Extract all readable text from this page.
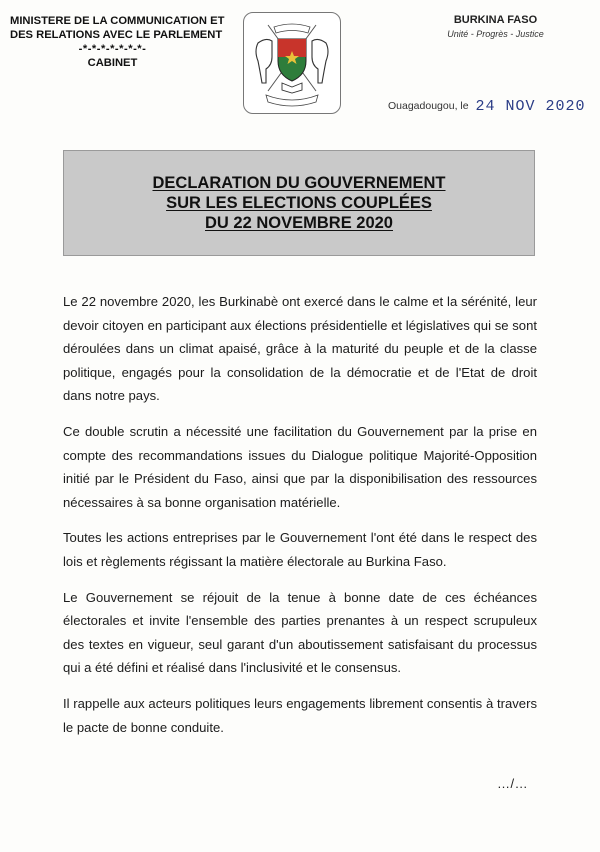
MINISTERE DE LA COMMUNICATION ET
DES RELATIONS AVEC LE PARLEMENT
-*-*-*-*-*-*-*-
CABINET
BURKINA FASO
Unité - Progrès - Justice
Ouagadougou, le 24 NOV 2020
DECLARATION DU GOUVERNEMENT
SUR LES ELECTIONS COUPLÉES
DU 22 NOVEMBRE 2020

Le 22 novembre 2020, les Burkinabè ont exercé dans le calme et la sérénité, leur devoir citoyen en participant aux élections présidentielle et législatives qui se sont déroulées dans un climat apaisé, grâce à la maturité du peuple et de la classe politique, engagés pour la consolidation de la démocratie et de l'Etat de droit dans notre pays.

Ce double scrutin a nécessité une facilitation du Gouvernement par la prise en compte des recommandations issues du Dialogue politique Majorité-Opposition initié par le Président du Faso, ainsi que par la disponibilisation des ressources nécessaires à sa bonne organisation matérielle.

Toutes les actions entreprises par le Gouvernement l'ont été dans le respect des lois et règlements régissant la matière électorale au Burkina Faso.

Le Gouvernement se réjouit de la tenue à bonne date de ces échéances électorales et invite l'ensemble des parties prenantes à un respect scrupuleux des textes en vigueur, seul garant d'un aboutissement satisfaisant du processus qui a été défini et réalisé dans l'inclusivité et le consensus.

Il rappelle aux acteurs politiques leurs engagements librement consentis à travers le pacte de bonne conduite.

…/…
